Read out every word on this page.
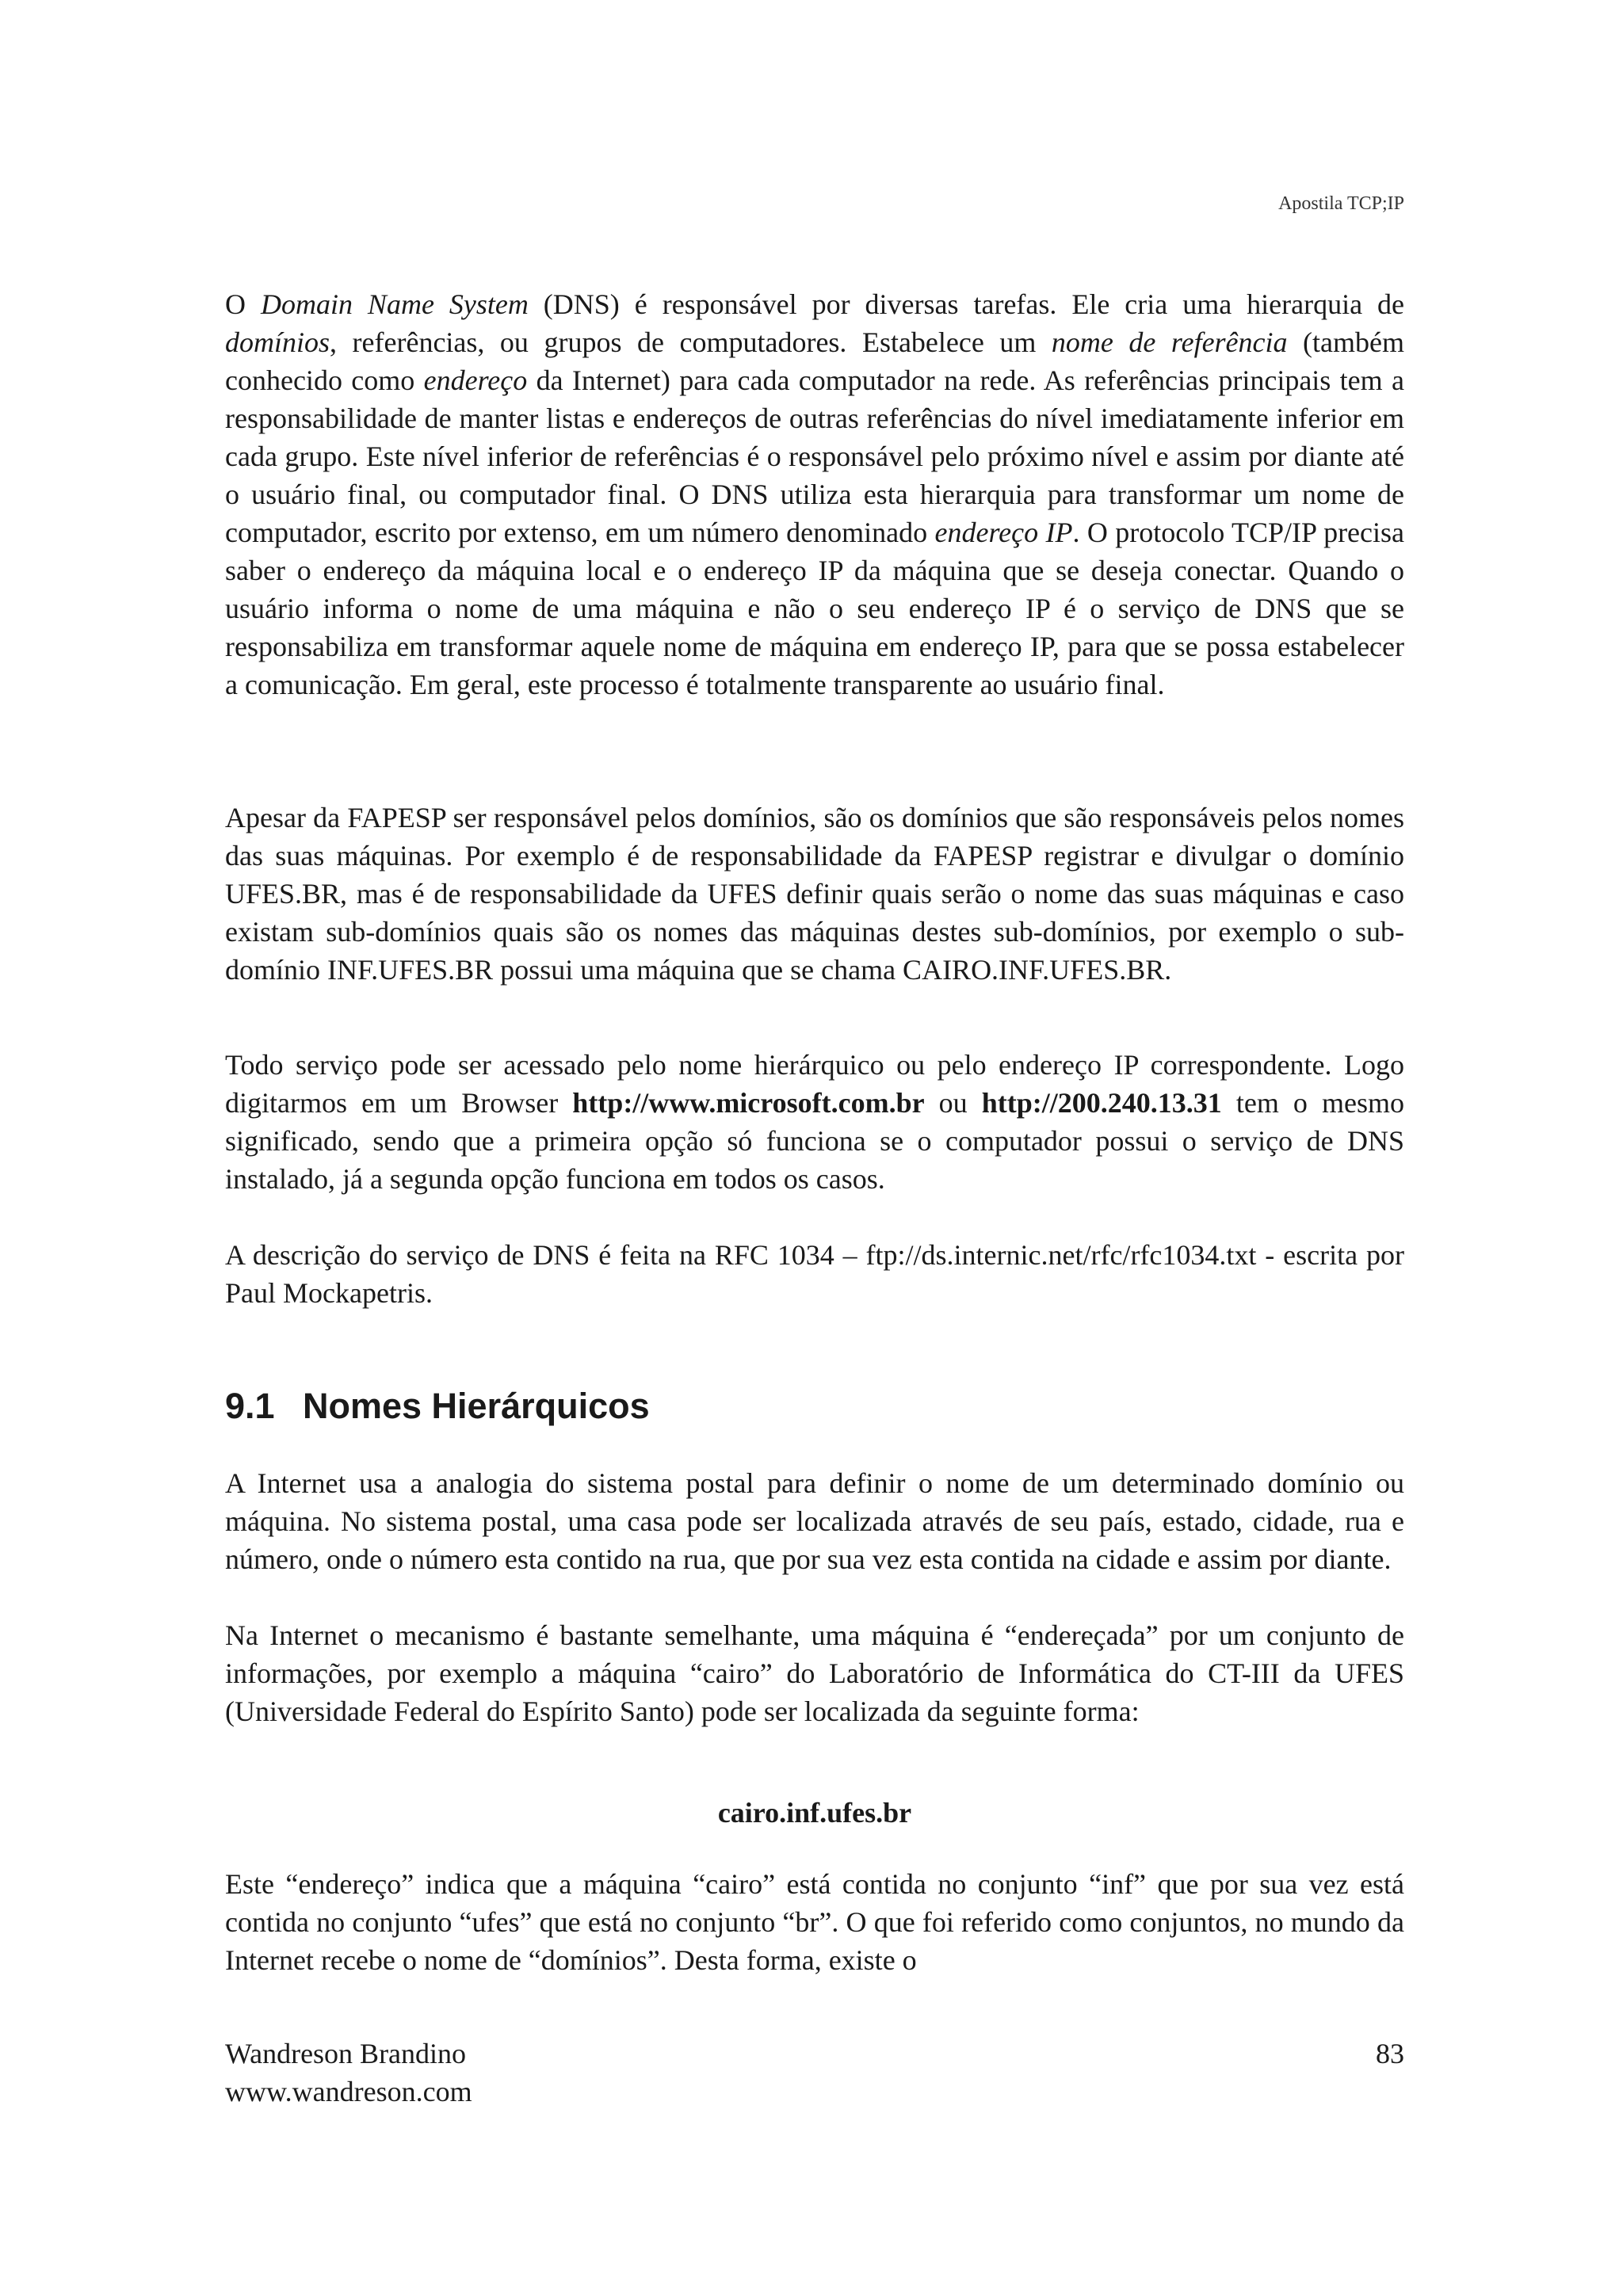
Apostila TCP;IP

O Domain Name System (DNS) é responsável por diversas tarefas. Ele cria uma hierarquia de domínios, referências, ou grupos de computadores. Estabelece um nome de referência (também conhecido como endereço da Internet) para cada computador na rede. As referências principais tem a responsabilidade de manter listas e endereços de outras referências do nível imediatamente inferior em cada grupo. Este nível inferior de referências é o responsável pelo próximo nível e assim por diante até o usuário final, ou computador final. O DNS utiliza esta hierarquia para transformar um nome de computador, escrito por extenso, em um número denominado endereço IP. O protocolo TCP/IP precisa saber o endereço da máquina local e o endereço IP da máquina que se deseja conectar. Quando o usuário informa o nome de uma máquina e não o seu endereço IP é o serviço de DNS que se responsabiliza em transformar aquele nome de máquina em endereço IP, para que se possa estabelecer a comunicação. Em geral, este processo é totalmente transparente ao usuário final.

Apesar da FAPESP ser responsável pelos domínios, são os domínios que são responsáveis pelos nomes das suas máquinas. Por exemplo é de responsabilidade da FAPESP registrar e divulgar o domínio UFES.BR, mas é de responsabilidade da UFES definir quais serão o nome das suas máquinas e caso existam sub-domínios quais são os nomes das máquinas destes sub-domínios, por exemplo o sub-domínio INF.UFES.BR possui uma máquina que se chama CAIRO.INF.UFES.BR.

Todo serviço pode ser acessado pelo nome hierárquico ou pelo endereço IP correspondente. Logo digitarmos em um Browser http://www.microsoft.com.br ou http://200.240.13.31 tem o mesmo significado, sendo que a primeira opção só funciona se o computador possui o serviço de DNS instalado, já a segunda opção funciona em todos os casos.

A descrição do serviço de DNS é feita na RFC 1034 – ftp://ds.internic.net/rfc/rfc1034.txt - escrita por Paul Mockapetris.

9.1 Nomes Hierárquicos

A Internet usa a analogia do sistema postal para definir o nome de um determinado domínio ou máquina. No sistema postal, uma casa pode ser localizada através de seu país, estado, cidade, rua e número, onde o número esta contido na rua, que por sua vez esta contida na cidade e assim por diante.

Na Internet o mecanismo é bastante semelhante, uma máquina é “endereçada” por um conjunto de informações, por exemplo a máquina “cairo” do Laboratório de Informática do CT-III da UFES (Universidade Federal do Espírito Santo) pode ser localizada da seguinte forma:

cairo.inf.ufes.br

Este “endereço” indica que a máquina “cairo” está contida no conjunto “inf” que por sua vez está contida no conjunto “ufes” que está no conjunto “br”. O que foi referido como conjuntos, no mundo da Internet recebe o nome de “domínios”. Desta forma, existe o

Wandreson Brandino
www.wandreson.com
83
